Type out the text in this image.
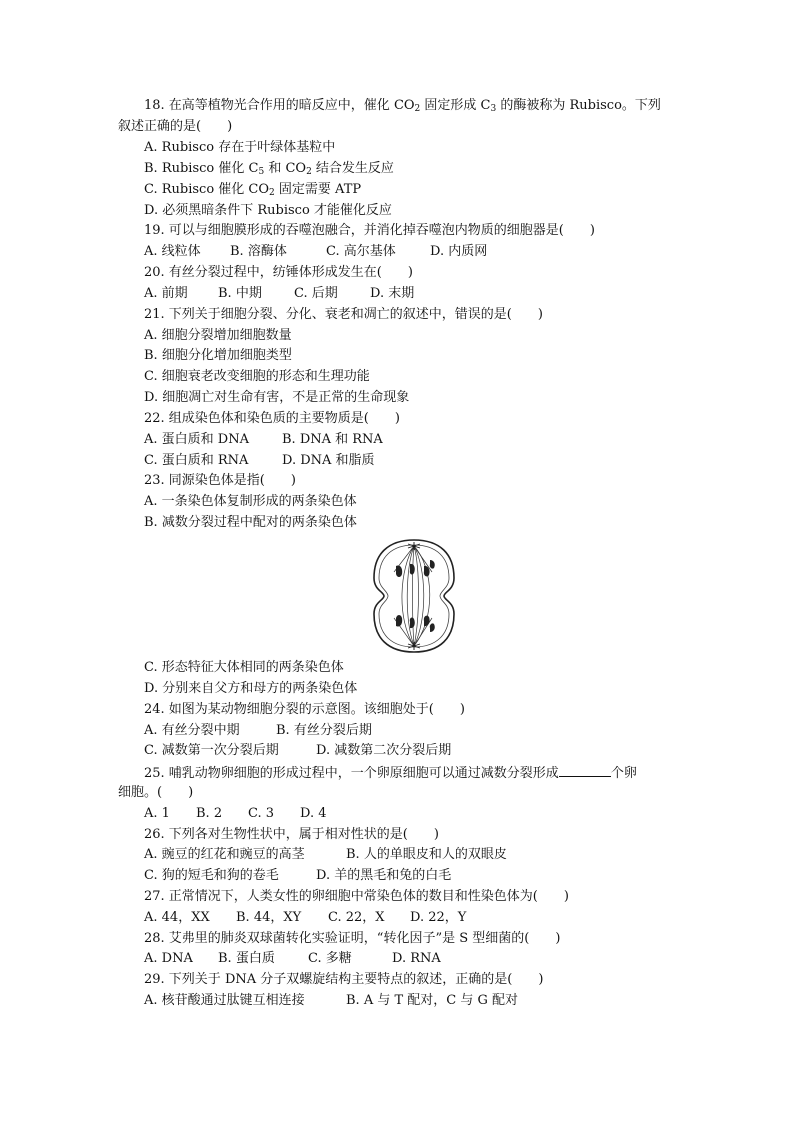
18. 在高等植物光合作用的暗反应中，催化 $CO_2$ 固定形成 $C_3$ 的酶被称为 Rubisco。下列
叙述正确的是(　　)
A. Rubisco 存在于叶绿体基粒中
B. Rubisco 催化 $C_5$ 和 $CO_2$ 结合发生反应
C. Rubisco 催化 $CO_2$ 固定需要 ATP
D. 必须黑暗条件下 Rubisco 才能催化反应
19. 可以与细胞膜形成的吞噬泡融合，并消化掉吞噬泡内物质的细胞器是(　　)
A. 线粒体 B. 溶酶体	C. 高尔基体	D. 内质网
20. 有丝分裂过程中，纺锤体形成发生在(　　)
A. 前期 B. 中期 C. 后期 D. 末期
21. 下列关于细胞分裂、分化、衰老和凋亡的叙述中，错误的是(　　)
A. 细胞分裂增加细胞数量
B. 细胞分化增加细胞类型
C. 细胞衰老改变细胞的形态和生理功能
D. 细胞凋亡对生命有害，不是正常的生命现象
22. 组成染色体和染色质的主要物质是(　　)
A. 蛋白质和 DNA	B. DNA 和 RNA
C. 蛋白质和 RNA	D. DNA 和脂质
23. 同源染色体是指(　　)
A. 一条染色体复制形成的两条染色体
B. 减数分裂过程中配对的两条染色体
C. 形态特征大体相同的两条染色体
D. 分别来自父方和母方的两条染色体
24. 如图为某动物细胞分裂的示意图。该细胞处于(　　)
A. 有丝分裂中期	B. 有丝分裂后期
C. 减数第一次分裂后期	D. 减数第二次分裂后期
25. 哺乳动物卵细胞的形成过程中，一个卵原细胞可以通过减数分裂形成	个卵
细胞。(　　)
A. 1 B. 2 C. 3 D. 4
26. 下列各对生物性状中，属于相对性状的是(　　)
A. 豌豆的红花和豌豆的高茎	B. 人的单眼皮和人的双眼皮
C. 狗的短毛和狗的卷毛	D. 羊的黑毛和兔的白毛
27. 正常情况下，人类女性的卵细胞中常染色体的数目和性染色体为(　　)
A. 44，XX B. 44，XY C. 22，X D. 22，Y
28. 艾弗里的肺炎双球菌转化实验证明，“转化因子”是 S 型细菌的(　　)
A. DNA B. 蛋白质	C. 多糖	D. RNA
29. 下列关于 DNA 分子双螺旋结构主要特点的叙述，正确的是(　　)
A. 核苷酸通过肽键互相连接	B. A 与 T 配对，C 与 G 配对
